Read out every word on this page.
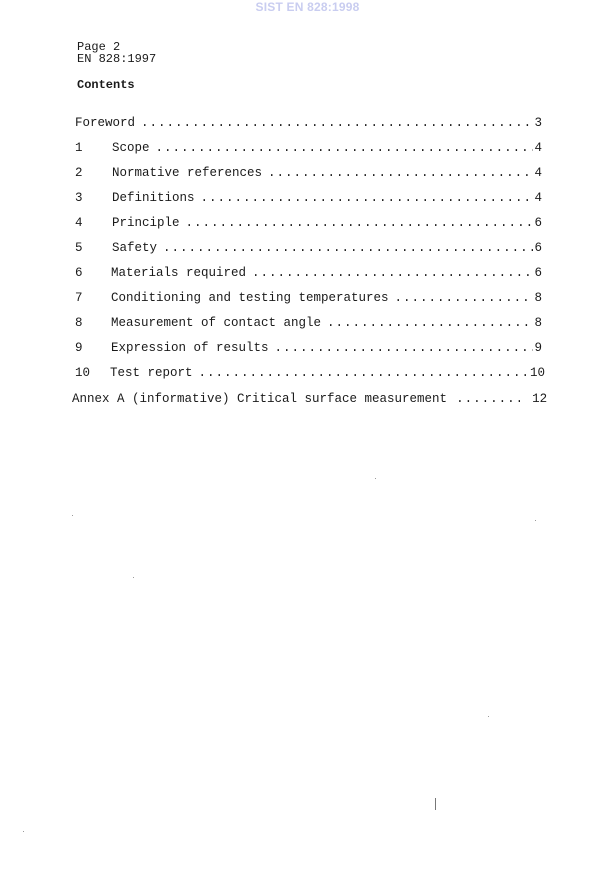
SIST EN 828:1998
Page 2
EN 828:1997
Contents
Foreword .....	3
1 Scope .....	4
2 Normative references .....	4
3 Definitions .....	4
4 Principle .....	6
5 Safety .....	6
6 Materials required .....	6
7 Conditioning and testing temperatures .....	8
8 Measurement of contact angle .....	8
9 Expression of results .....	9
10 Test report .....	10
Annex A (informative) Critical surface measurement .....	12
